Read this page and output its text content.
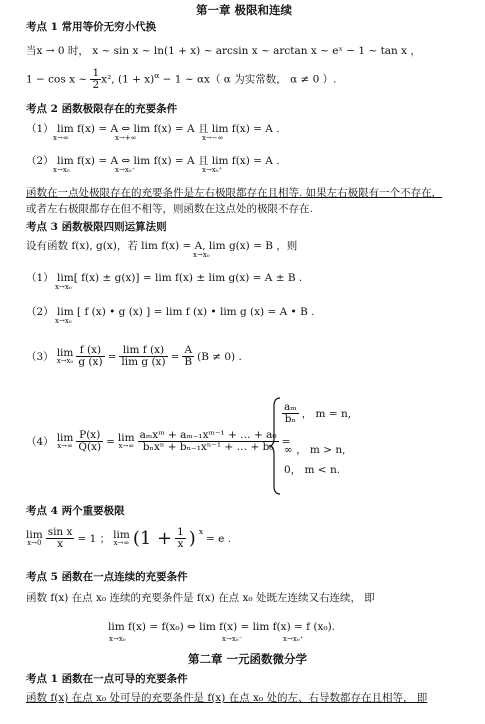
第一章 极限和连续
考点 1 常用等价无穷小代换
当x → 0 时， x ~ sin x ~ ln(1 + x) ~ arcsin x ~ arctan x ~ eˣ − 1 ~ tan x ，
1 − cos x ~ $\frac{1}{2} x^2$, $(1 + x)^\alpha - 1$ ~ αx（ α 为实常数， α ≠ 0 ）.
考点 2 函数极限存在的充要条件
（1） lim f(x) = A ⇔ lim f(x) = A 且 lim f(x) = A .
x→∞	x→+∞	x→−∞
（2） lim f(x) = A ⇔ lim f(x) = A 且 lim f(x) = A .
x→x₀	x→x₀⁻	x→x₀⁺
函数在一点处极限存在的充要条件是左右极限都存在且相等. 如果左右极限有一个不存在，
或者左右极限都存在但不相等，则函数在这点处的极限不存在.
考点 3 函数极限四则运算法则
设有函数 f(x), g(x)，若 lim f(x) = A, lim g(x) = B ，则
x→x₀
（1） lim[ f(x) ± g(x)] = lim f(x) ± lim g(x) = A ± B .
x→x₀
（2） lim [ f (x) • g (x) ] = lim f (x) • lim g (x) = A • B .
x→x₀
（3） lim
$x\to x_0 \frac{f (x)}{g (x)} = \frac{\text{lim f (x)}}{\text{lim g (x)}} = \frac{A}{B} (B \ne 0)$ .
（4） lim
$x\to\infty \frac{P(x)}{Q(x)} = \lim$
$x\to\infty \frac{\text{aₘxᵐ + aₘ₋₁xᵐ⁻¹ + … + a₀}}{\text{bₙxⁿ + bₙ₋₁xⁿ⁻¹ + … + b₀}}$ =
$\frac{\text{aₘ}}{\text{bₙ}}$ ， m = n,
∞ ， m > n,
0， m < n.
考点 4 两个重要极限
lim
$x\to 0 \frac{\text{sin x}}{x} = 1$ ； lim
x→∞ ($1 + \frac{1}{x}$ ) x
= e .
考点 5 函数在一点连续的充要条件
函数 f(x) 在点 x₀ 连续的充要条件是 f(x) 在点 x₀ 处既左连续又右连续， 即
lim f(x) = f(x₀) ⇔ lim f(x) = lim f(x) = f (x₀).
x→x₀	x→x₀⁻	x→x₀⁺
第二章 一元函数微分学
考点 1 函数在一点可导的充要条件
函数 f(x) 在点 x₀ 处可导的充要条件是 f(x) 在点 x₀ 处的左、右导数都存在且相等， 即
